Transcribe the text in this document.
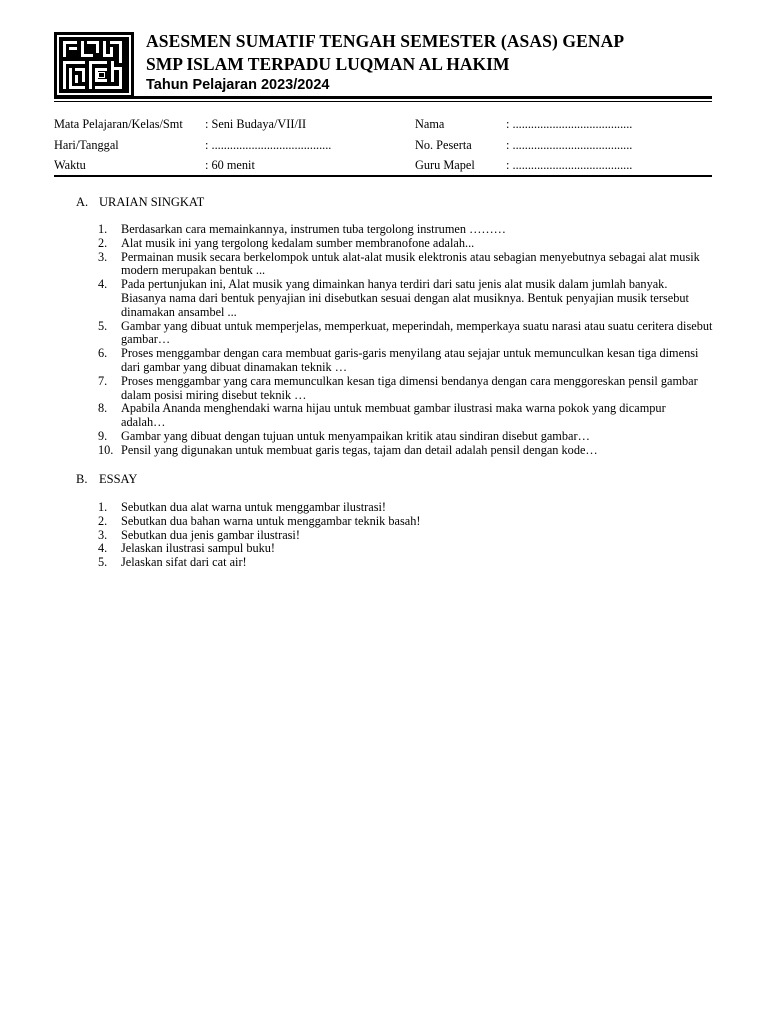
ASESMEN SUMATIF TENGAH SEMESTER (ASAS) GENAP
SMP ISLAM TERPADU LUQMAN AL HAKIM
Tahun Pelajaran 2023/2024
Mata Pelajaran/Kelas/Smt : Seni Budaya/VII/II	Nama	: .......................................
Hari/Tanggal	: .......................................	No. Peserta	: .......................................
Waktu	: 60 menit	Guru Mapel	: .......................................
A. URAIAN SINGKAT
1.	Berdasarkan cara memainkannya, instrumen tuba tergolong instrumen ………
2.	Alat musik ini yang tergolong kedalam sumber membranofone adalah...
3.	Permainan musik secara berkelompok untuk alat-alat musik elektronis atau sebagian menyebutnya sebagai alat musik modern merupakan bentuk ...
4.	Pada pertunjukan ini, Alat musik yang dimainkan hanya terdiri dari satu jenis alat musik dalam jumlah banyak. Biasanya nama dari bentuk penyajian ini disebutkan sesuai dengan alat musiknya. Bentuk penyajian musik tersebut dinamakan ansambel ...
5.	Gambar yang dibuat untuk memperjelas, memperkuat, meperindah, memperkaya suatu narasi atau suatu ceritera disebut gambar…
6.	Proses menggambar dengan cara membuat garis-garis menyilang atau sejajar untuk memunculkan kesan tiga dimensi dari gambar yang dibuat dinamakan teknik …
7.	Proses menggambar yang cara memunculkan kesan tiga dimensi bendanya dengan cara menggoreskan pensil gambar dalam posisi miring disebut teknik …
8.	Apabila Ananda menghendaki warna hijau untuk membuat gambar ilustrasi maka warna pokok yang dicampur adalah…
9.	Gambar yang dibuat dengan tujuan untuk menyampaikan kritik atau sindiran disebut gambar…
10. Pensil yang digunakan untuk membuat garis tegas, tajam dan detail adalah pensil dengan kode…
B. ESSAY
1.	Sebutkan dua alat warna untuk menggambar ilustrasi!
2.	Sebutkan dua bahan warna untuk menggambar teknik basah!
3.	Sebutkan dua jenis gambar ilustrasi!
4.	Jelaskan ilustrasi sampul buku!
5.	Jelaskan sifat dari cat air!
